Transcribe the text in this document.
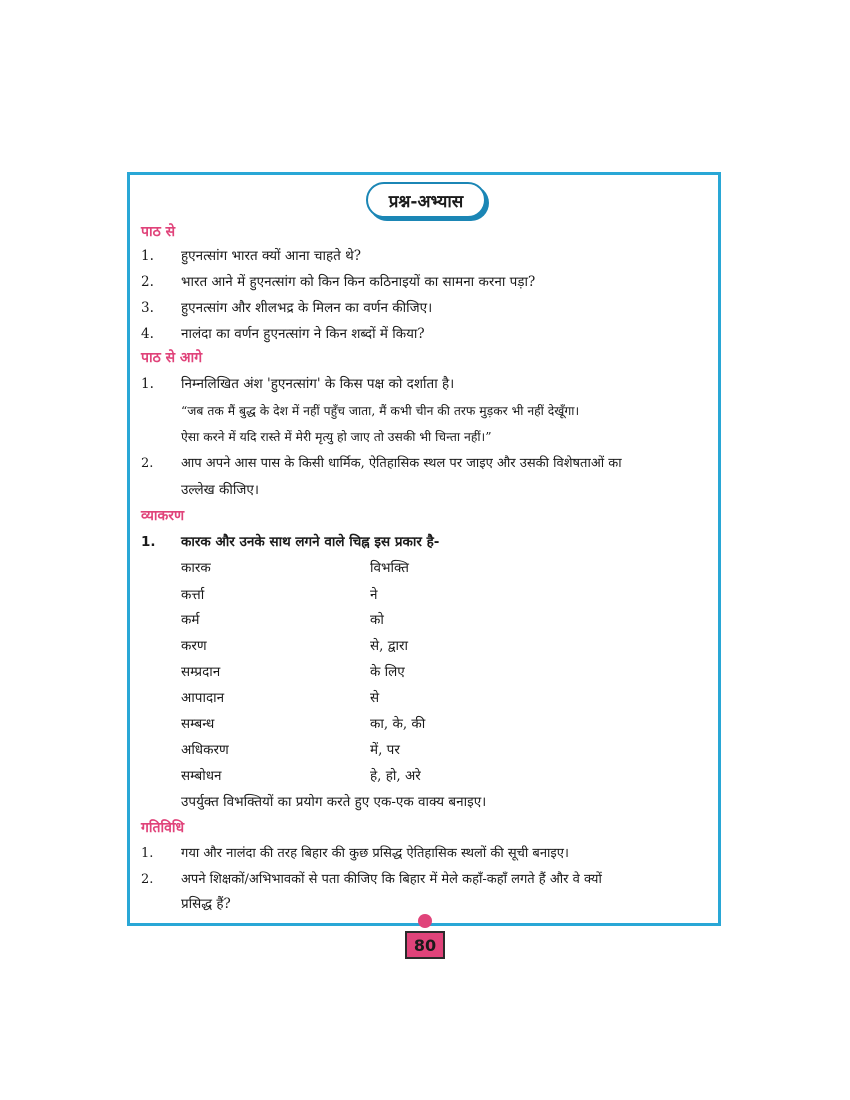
प्रश्न-अभ्यास
पाठ से
1. हुएनत्सांग भारत क्यों आना चाहते थे?
2. भारत आने में हुएनत्सांग को किन किन कठिनाइयों का सामना करना पड़ा?
3. हुएनत्सांग और शीलभद्र के मिलन का वर्णन कीजिए।
4. नालंदा का वर्णन हुएनत्सांग ने किन शब्दों में किया?
पाठ से आगे
1. निम्नलिखित अंश 'हुएनत्सांग' के किस पक्ष को दर्शाता है।
“जब तक मैं बुद्ध के देश में नहीं पहुँच जाता, मैं कभी चीन की तरफ मुड़कर भी नहीं देखूँगा।
ऐसा करने में यदि रास्ते में मेरी मृत्यु हो जाए तो उसकी भी चिन्ता नहीं।”
2. आप अपने आस पास के किसी धार्मिक, ऐतिहासिक स्थल पर जाइए और उसकी विशेषताओं का
उल्लेख कीजिए।
व्याकरण
1. कारक और उनके साथ लगने वाले चिह्न इस प्रकार है-
कारक	विभक्ति
कर्त्ता	ने
कर्म	को
करण	से, द्वारा
सम्प्रदान	के लिए
आपादान	से
सम्बन्ध	का, के, की
अधिकरण	में, पर
सम्बोधन	हे, हो, अरे
उपर्युक्त विभक्तियों का प्रयोग करते हुए एक-एक वाक्य बनाइए।
गतिविधि
1. गया और नालंदा की तरह बिहार की कुछ प्रसिद्ध ऐतिहासिक स्थलों की सूची बनाइए।
2. अपने शिक्षकों/अभिभावकों से पता कीजिए कि बिहार में मेले कहाँ-कहाँ लगते हैं और वे क्यों
प्रसिद्ध हैं?
80
